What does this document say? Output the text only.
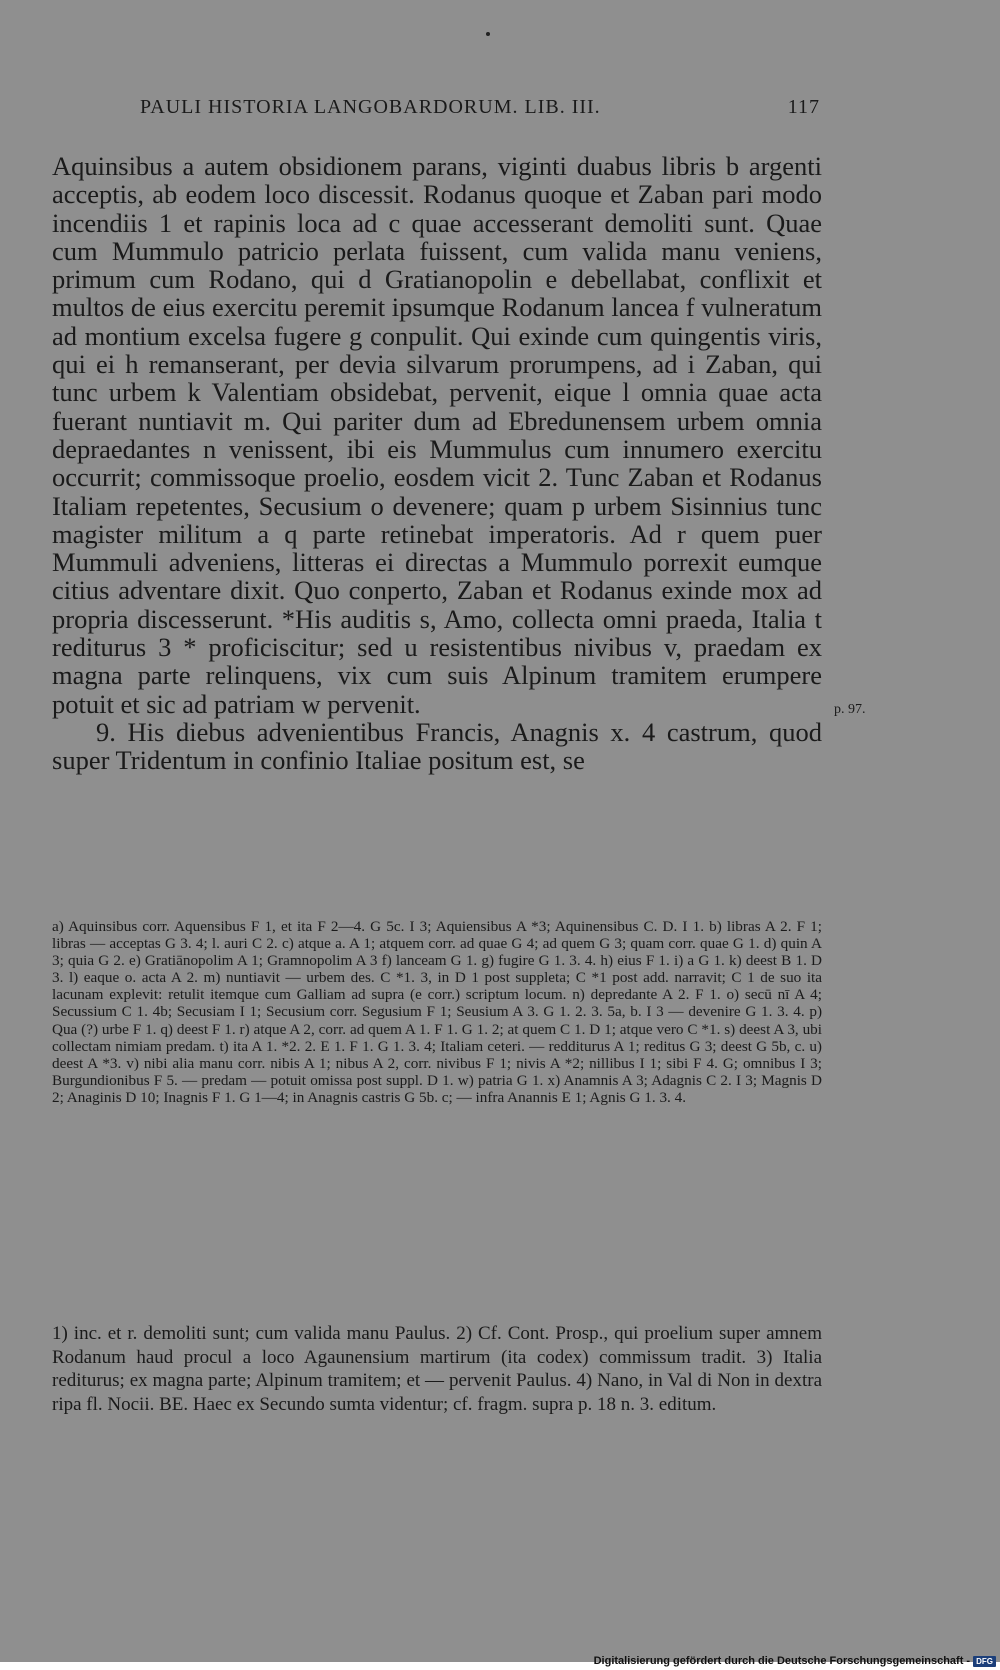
PAULI HISTORIA LANGOBARDORUM. LIB. III.	117

Aquinsibus a autem obsidionem parans, viginti duabus libris b argenti acceptis, ab eodem loco discessit. Rodanus quoque et Zaban pari modo incendiis 1 et rapinis loca ad c quae accesserant demoliti sunt. Quae cum Mummulo patricio perlata fuissent, cum valida manu veniens, primum cum Rodano, qui d Gratianopolin e debellabat, conflixit et multos de eius exercitu peremit ipsumque Rodanum lancea f vulneratum ad montium excelsa fugere g conpulit. Qui exinde cum quingentis viris, qui ei h remanserant, per devia silvarum prorumpens, ad i Zaban, qui tunc urbem k Valentiam obsidebat, pervenit, eique l omnia quae acta fuerant nuntiavit m. Qui pariter dum ad Ebredunensem urbem omnia depraedantes n venissent, ibi eis Mummulus cum innumero exercitu occurrit; commissoque proelio, eosdem vicit 2. Tunc Zaban et Rodanus Italiam repetentes, Secusium o devenere; quam p urbem Sisinnius tunc magister militum a q parte retinebat imperatoris. Ad r quem puer Mummuli adveniens, litteras ei directas a Mummulo porrexit eumque citius adventare dixit. Quo conperto, Zaban et Rodanus exinde mox ad propria discesserunt. *His auditis s, Amo, collecta omni praeda, Italia t rediturus 3 * proficiscitur; sed u resistentibus nivibus v, praedam ex magna parte relinquens, vix cum suis Alpinum tramitem erumpere potuit et sic ad patriam w pervenit.

9. His diebus advenientibus Francis, Anagnis x. 4 castrum, quod super Tridentum in confinio Italiae positum est, se

p. 97.

a) Aquinsibus corr. Aquensibus F 1, et ita F 2—4. G 5c. I 3; Aquiensibus A *3; Aquinensibus C. D. I 1. b) libras A 2. F 1; libras — acceptas G 3. 4; l. auri C 2. c) atque a. A 1; atquem corr. ad quae G 4; ad quem G 3; quam corr. quae G 1. d) quin A 3; quia G 2. e) Gratiānopolim A 1; Gramnopolim A 3 f) lanceam G 1. g) fugire G 1. 3. 4. h) eius F 1. i) a G 1. k) deest B 1. D 3. l) eaque o. acta A 2. m) nuntiavit — urbem des. C *1. 3, in D 1 post suppleta; C *1 post add. narravit; C 1 de suo ita lacunam explevit: retulit itemque cum Galliam ad supra (e corr.) scriptum locum. n) depredante A 2. F 1. o) secū nī A 4; Secussium C 1. 4b; Secusiam I 1; Secusium corr. Segusium F 1; Seusium A 3. G 1. 2. 3. 5a, b. I 3 — devenire G 1. 3. 4. p) Qua (?) urbe F 1. q) deest F 1. r) atque A 2, corr. ad quem A 1. F 1. G 1. 2; at quem C 1. D 1; atque vero C *1. s) deest A 3, ubi collectam nimiam predam. t) ita A 1. *2. 2. E 1. F 1. G 1. 3. 4; Italiam ceteri. — redditurus A 1; reditus G 3; deest G 5b, c. u) deest A *3. v) nibi alia manu corr. nibis A 1; nibus A 2, corr. nivibus F 1; nivis A *2; nillibus I 1; sibi F 4. G; omnibus I 3; Burgundionibus F 5. — predam — potuit omissa post suppl. D 1. w) patria G 1. x) Anamnis A 3; Adagnis C 2. I 3; Magnis D 2; Anaginis D 10; Inagnis F 1. G 1—4; in Anagnis castris G 5b. c; — infra Anannis E 1; Agnis G 1. 3. 4.

1) inc. et r. demoliti sunt; cum valida manu Paulus. 2) Cf. Cont. Prosp., qui proelium super amnem Rodanum haud procul a loco Agaunensium martirum (ita codex) commissum tradit. 3) Italia rediturus; ex magna parte; Alpinum tramitem; et — pervenit Paulus. 4) Nano, in Val di Non in dextra ripa fl. Nocii. BE. Haec ex Secundo sumta videntur; cf. fragm. supra p. 18 n. 3. editum.

Digitalisierung gefördert durch die Deutsche Forschungsgemeinschaft - DFG
